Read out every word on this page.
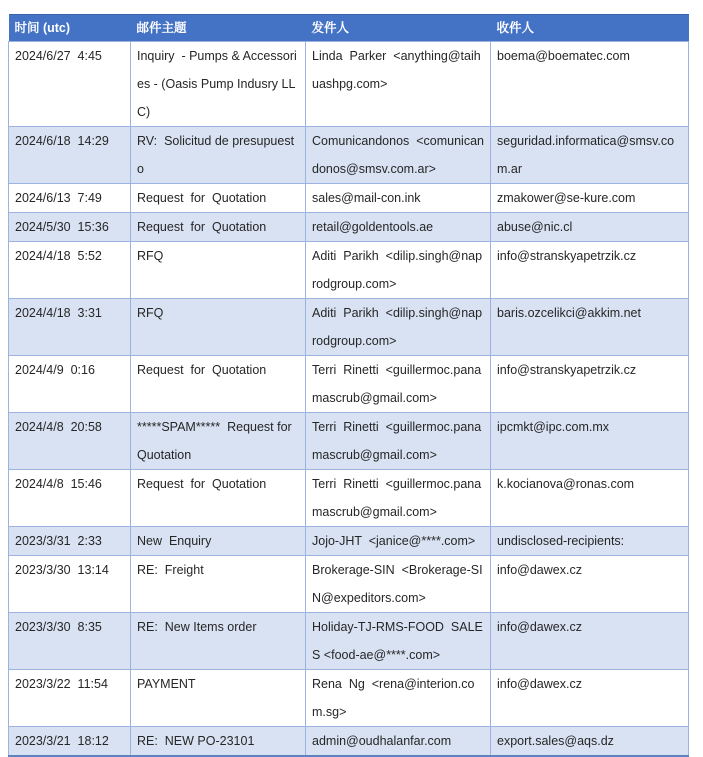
时间 (utc)	邮件主题	发件人	收件人
2024/6/27  4:45	Inquiry  - Pumps & Accessories - (Oasis Pump Indusry LLC)	Linda  Parker  <anything@taihuashpg.com>	boema@boematec.com
2024/6/18  14:29	RV:  Solicitud de presupuesto	Comunicandonos  <comunicandonos@smsv.com.ar>	seguridad.informatica@smsv.com.ar
2024/6/13  7:49	Request  for  Quotation	sales@mail-con.ink	zmakower@se-kure.com
2024/5/30  15:36	Request  for  Quotation	retail@goldentools.ae	abuse@nic.cl
2024/4/18  5:52	RFQ	Aditi  Parikh  <dilip.singh@naprodgroup.com>	info@stranskyapetrzik.cz
2024/4/18  3:31	RFQ	Aditi  Parikh  <dilip.singh@naprodgroup.com>	baris.ozcelikci@akkim.net
2024/4/9  0:16	Request  for  Quotation	Terri  Rinetti  <guillermoc.panamascrub@gmail.com>	info@stranskyapetrzik.cz
2024/4/8  20:58	*****SPAM*****  Request for Quotation	Terri  Rinetti  <guillermoc.panamascrub@gmail.com>	ipcmkt@ipc.com.mx
2024/4/8  15:46	Request  for  Quotation	Terri  Rinetti  <guillermoc.panamascrub@gmail.com>	k.kocianova@ronas.com
2023/3/31  2:33	New  Enquiry	Jojo-JHT  <janice@****.com>	undisclosed-recipients:
2023/3/30  13:14	RE:  Freight	Brokerage-SIN  <Brokerage-SIN@expeditors.com>	info@dawex.cz
2023/3/30  8:35	RE:  New Items order	Holiday-TJ-RMS-FOOD  SALES <food-ae@****.com>	info@dawex.cz
2023/3/22  11:54	PAYMENT	Rena  Ng  <rena@interion.com.sg>	info@dawex.cz
2023/3/21  18:12	RE:  NEW PO-23101	admin@oudhalanfar.com	export.sales@aqs.dz
